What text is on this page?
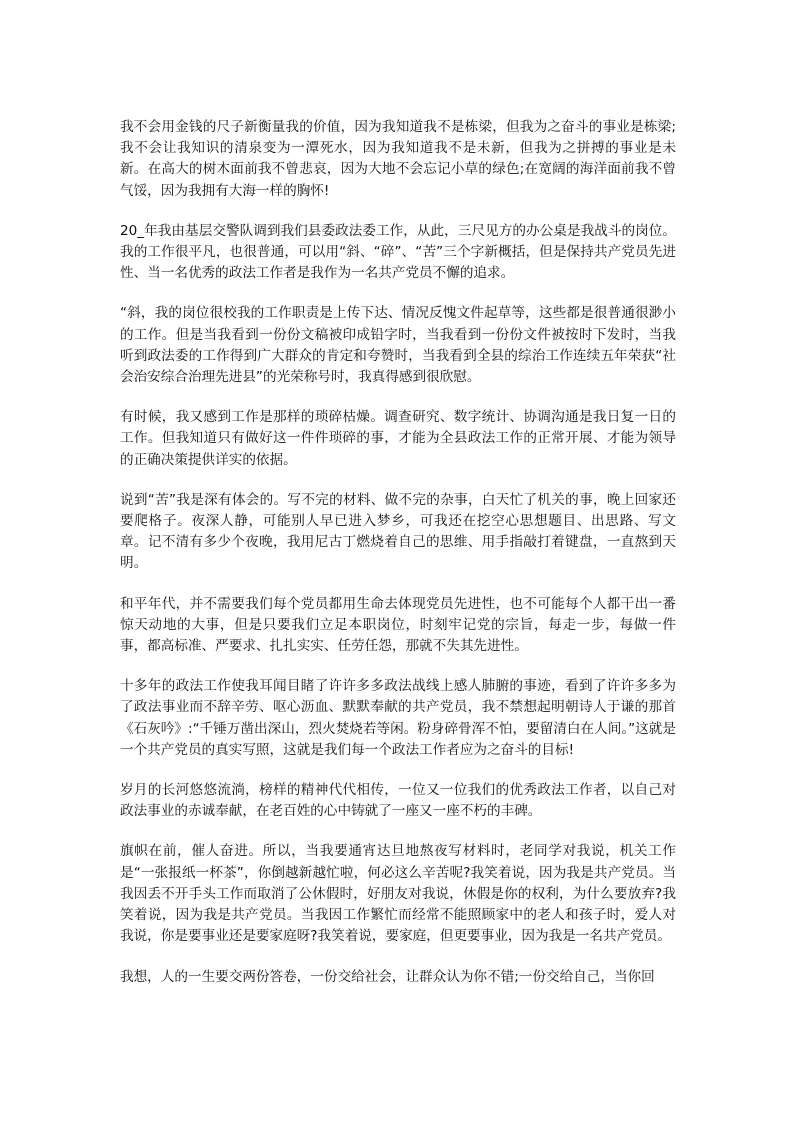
我不会用金钱的尺子新衡量我的价值，因为我知道我不是栋梁，但我为之奋斗的事业是栋梁;我不会让我知识的清泉变为一潭死水，因为我知道我不是未新，但我为之拼搏的事业是未新。在高大的树木面前我不曾悲哀，因为大地不会忘记小草的绿色;在宽阔的海洋面前我不曾气馁，因为我拥有大海一样的胸怀!

20_年我由基层交警队调到我们县委政法委工作，从此，三尺见方的办公桌是我战斗的岗位。我的工作很平凡，也很普通，可以用“斜、“碎”、“苦”三个字新概括，但是保持共产党员先进性、当一名优秀的政法工作者是我作为一名共产党员不懈的追求。

“斜，我的岗位很校我的工作职责是上传下达、情况反愧文件起草等，这些都是很普通很渺小的工作。但是当我看到一份份文稿被印成铅字时，当我看到一份份文件被按时下发时，当我听到政法委的工作得到广大群众的肯定和夸赞时，当我看到全县的综治工作连续五年荣获“社会治安综合治理先进县”的光荣称号时，我真得感到很欣慰。

有时候，我又感到工作是那样的琐碎枯燥。调查研究、数字统计、协调沟通是我日复一日的工作。但我知道只有做好这一件件琐碎的事，才能为全县政法工作的正常开展、才能为领导的正确决策提供详实的依据。

说到“苦”我是深有体会的。写不完的材料、做不完的杂事，白天忙了机关的事，晚上回家还要爬格子。夜深人静，可能别人早已进入梦乡，可我还在挖空心思想题目、出思路、写文章。记不清有多少个夜晚，我用尼古丁燃烧着自己的思维、用手指敲打着键盘，一直熬到天明。

和平年代，并不需要我们每个党员都用生命去体现党员先进性，也不可能每个人都干出一番惊天动地的大事，但是只要我们立足本职岗位，时刻牢记党的宗旨，每走一步，每做一件事，都高标准、严要求、扎扎实实、任劳任怨，那就不失其先进性。

十多年的政法工作使我耳闻目睹了许许多多政法战线上感人肺腑的事迹，看到了许许多多为了政法事业而不辞辛劳、呕心沥血、默默奉献的共产党员，我不禁想起明朝诗人于谦的那首《石灰吟》:“千锤万凿出深山，烈火焚烧若等闲。粉身碎骨浑不怕，要留清白在人间。”这就是一个共产党员的真实写照，这就是我们每一个政法工作者应为之奋斗的目标!

岁月的长河悠悠流淌，榜样的精神代代相传，一位又一位我们的优秀政法工作者，以自己对政法事业的赤诚奉献，在老百姓的心中铸就了一座又一座不朽的丰碑。

旗帜在前，催人奋进。所以，当我要通宵达旦地熬夜写材料时，老同学对我说，机关工作是“一张报纸一杯茶”，你倒越新越忙啦，何必这么辛苦呢?我笑着说，因为我是共产党员。当我因丢不开手头工作而取消了公休假时，好朋友对我说，休假是你的权利，为什么要放弃?我笑着说，因为我是共产党员。当我因工作繁忙而经常不能照顾家中的老人和孩子时，爱人对我说，你是要事业还是要家庭呀?我笑着说，要家庭，但更要事业，因为我是一名共产党员。

我想，人的一生要交两份答卷，一份交给社会，让群众认为你不错;一份交给自己，当你回
